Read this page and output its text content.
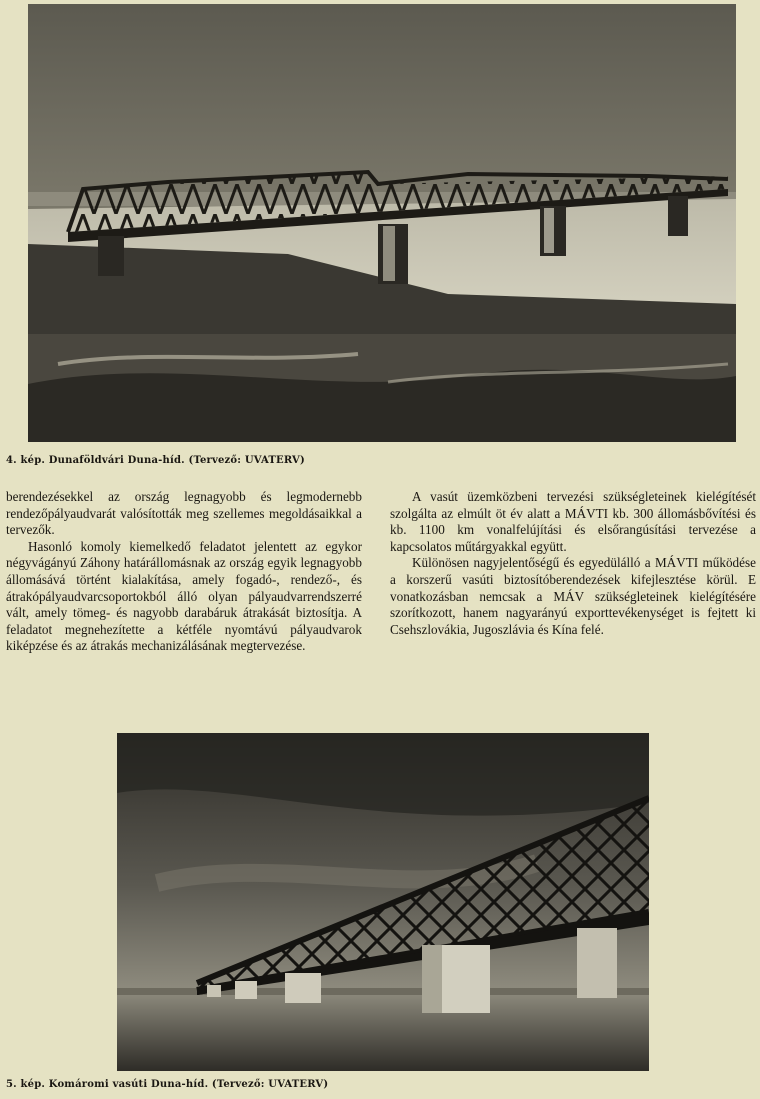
4. kép. Dunaföldvári Duna-híd. (Tervező: UVATERV)

berendezésekkel az ország legnagyobb és legmodernebb rendezőpályaudvarát valósították meg szellemes megoldásaikkal a tervezők.

Hasonló komoly kiemelkedő feladatot jelentett az egykor négyvágányú Záhony határállomásnak az ország egyik legnagyobb állomásává történt kialakítása, amely fogadó-, rendező-, és átrakópályaudvarcsoportokból álló olyan pályaudvarrendszerré vált, amely tömeg- és nagyobb darabáruk átrakását biztosítja. A feladatot megnehezítette a kétféle nyomtávú pályaudvarok kiképzése és az átrakás mechanizálásának megtervezése.

A vasút üzemközbeni tervezési szükségleteinek kielégítését szolgálta az elmúlt öt év alatt a MÁVTI kb. 300 állomásbővítési és kb. 1100 km vonalfelújítási és elsőrangúsítási tervezése a kapcsolatos műtárgyakkal együtt.

Különösen nagyjelentőségű és egyedülálló a MÁVTI működése a korszerű vasúti biztosítóberendezések kifejlesztése körül. E vonatkozásban nemcsak a MÁV szükségleteinek kielégítésére szorítkozott, hanem nagyarányú exporttevékenységet is fejtett ki Csehszlovákia, Jugoszlávia és Kína felé.

5. kép. Komáromi vasúti Duna-híd. (Tervező: UVATERV)
